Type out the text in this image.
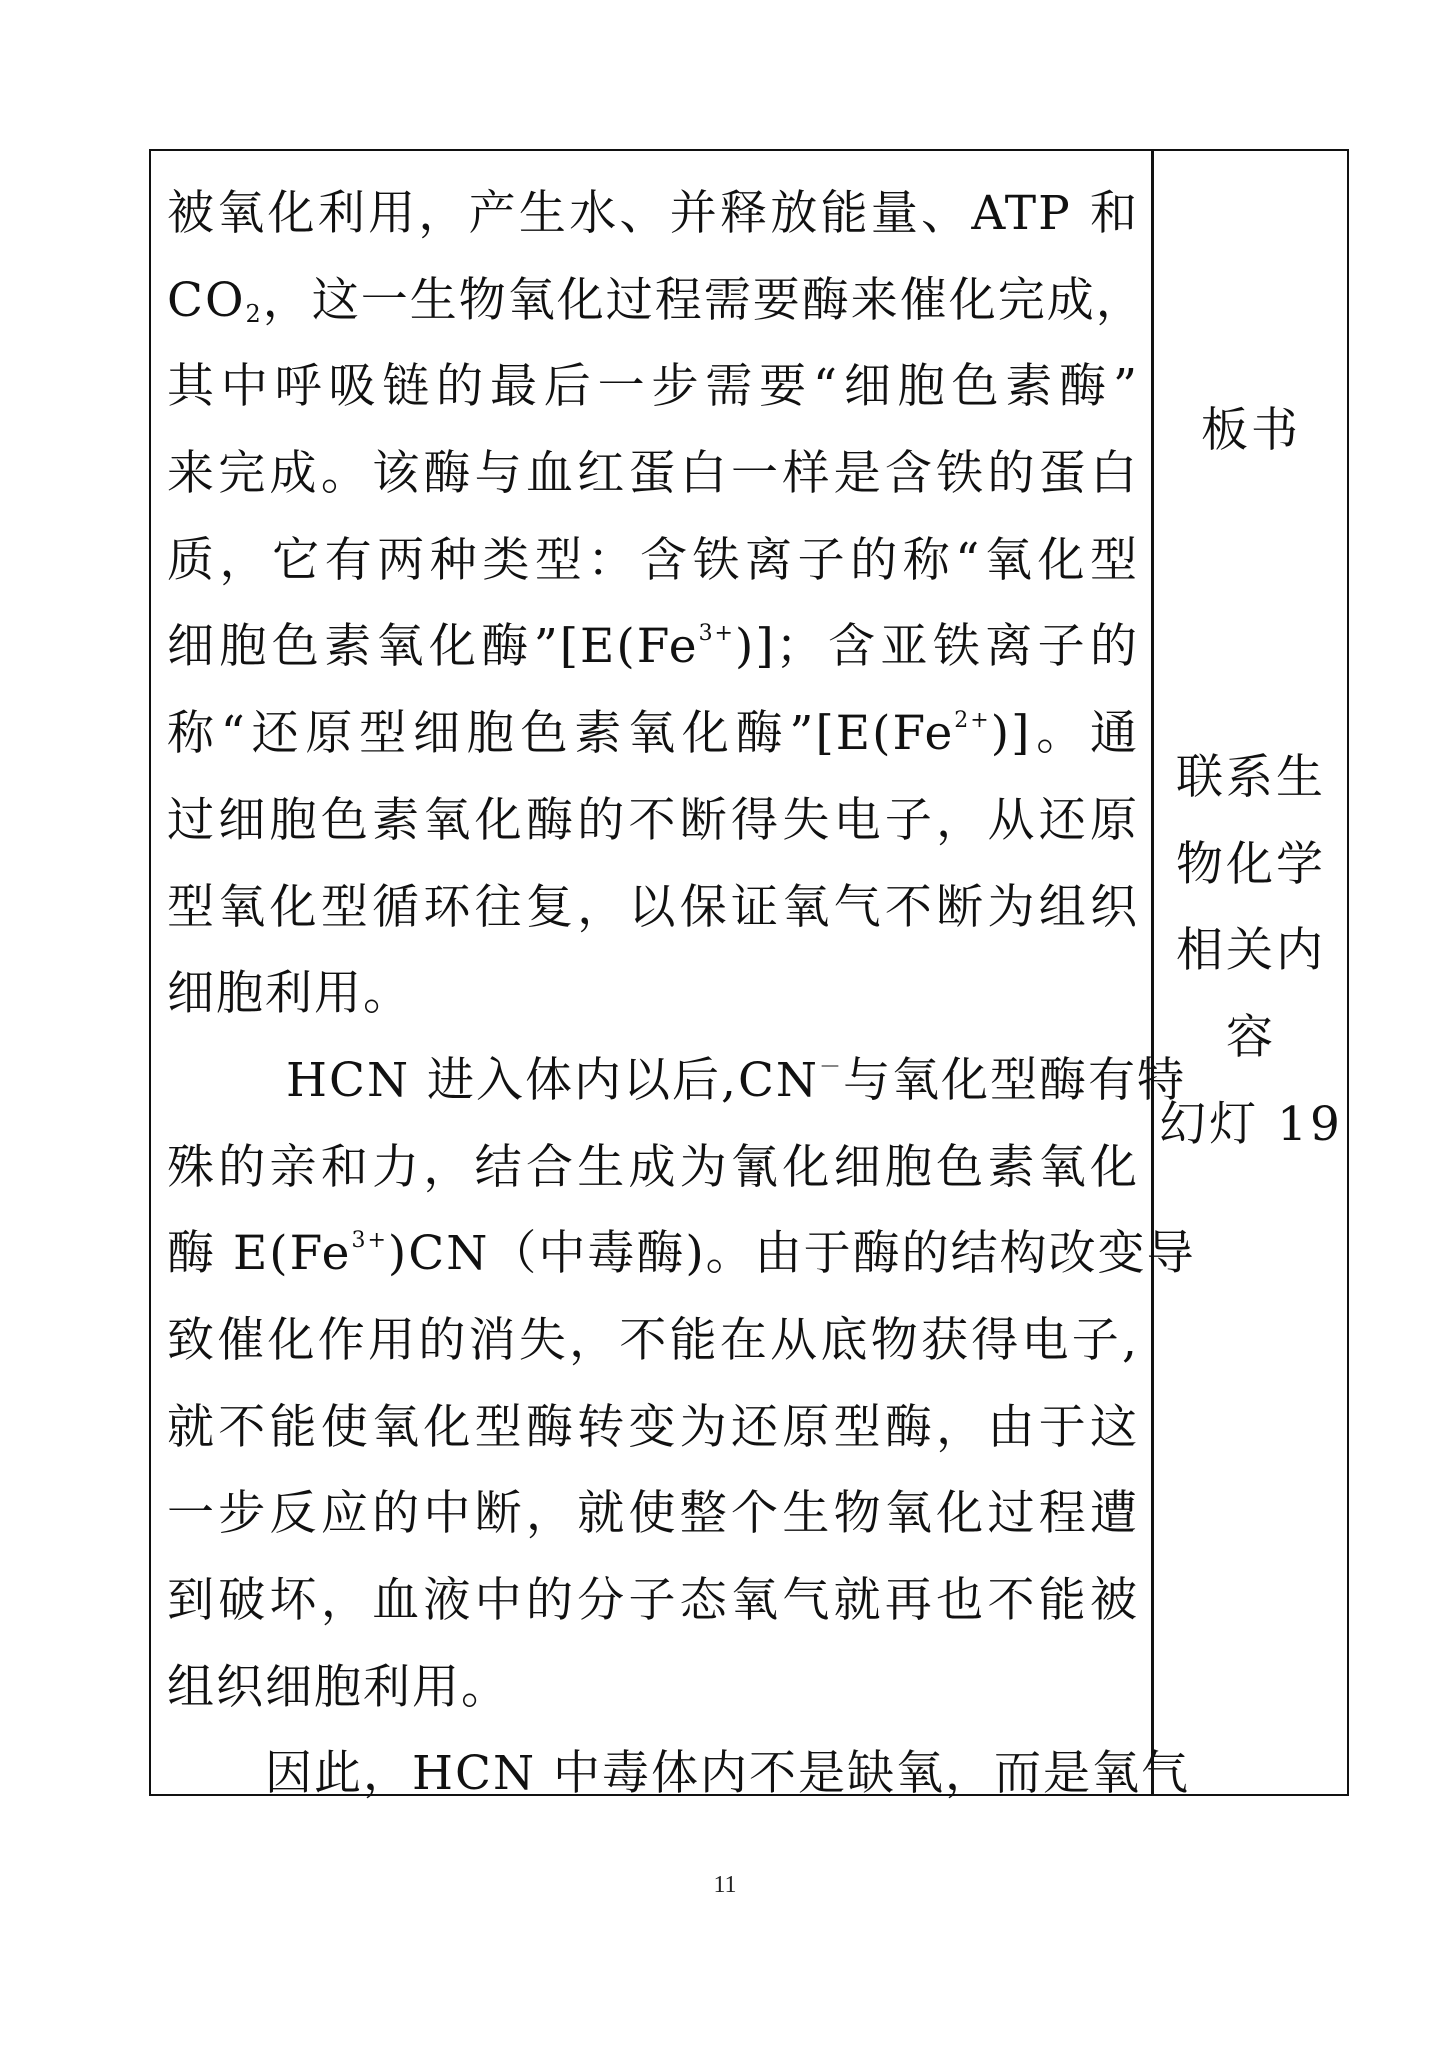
被氧化利用，产生水、并释放能量、ATP 和
$CO_2$，这一生物氧化过程需要酶来催化完成，
其中呼吸链的最后一步需要“细胞色素酶”
来完成。该酶与血红蛋白一样是含铁的蛋白
质，它有两种类型：含铁离子的称“氧化型
细胞色素氧化酶$”[E(Fe^{3+})]$；含亚铁离子的
称“还原型细胞色素氧化酶$”[E(Fe^{2+})]$。通
过细胞色素氧化酶的不断得失电子，从还原
型氧化型循环往复，以保证氧气不断为组织
细胞利用。
HCN 进入体内以后,CN－与氧化型酶有特
殊的亲和力，结合生成为氰化细胞色素氧化
酶 $E(Fe^{3+})CN$（中毒酶)。由于酶的结构改变导
致催化作用的消失，不能在从底物获得电子,
就不能使氧化型酶转变为还原型酶，由于这
一步反应的中断，就使整个生物氧化过程遭
到破坏，血液中的分子态氧气就再也不能被
组织细胞利用。
因此，HCN 中毒体内不是缺氧，而是氧气
板书
联系生
物化学
相关内
容
幻灯 19
11
